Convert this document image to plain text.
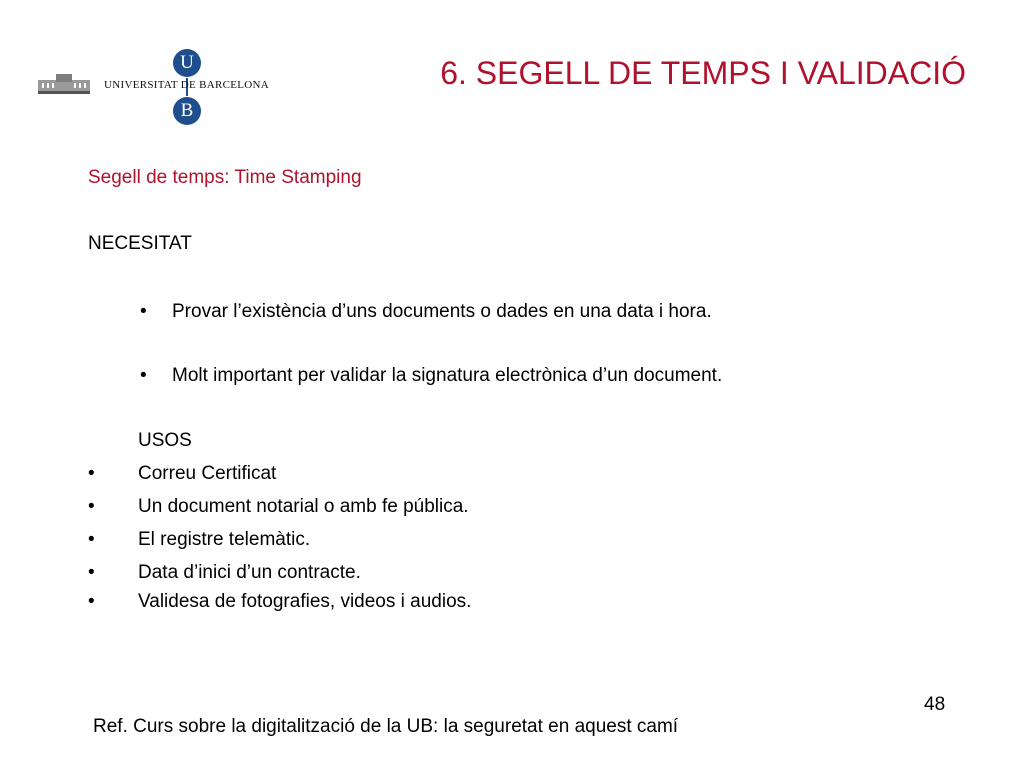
U
UNIVERSITAT DE BARCELONA
B
6. SEGELL DE TEMPS I VALIDACIÓ
Segell de temps: Time Stamping
NECESITAT
• Provar l’existència d’uns documents o dades en una data i hora.
• Molt important per validar la signatura electrònica d’un document.
USOS
• Correu Certificat
• Un document notarial o amb fe pública.
• El registre telemàtic.
• Data d’inici d’un contracte.
• Validesa de fotografies, videos i audios.
48
Ref. Curs sobre la digitalització de la UB: la seguretat en aquest camí
